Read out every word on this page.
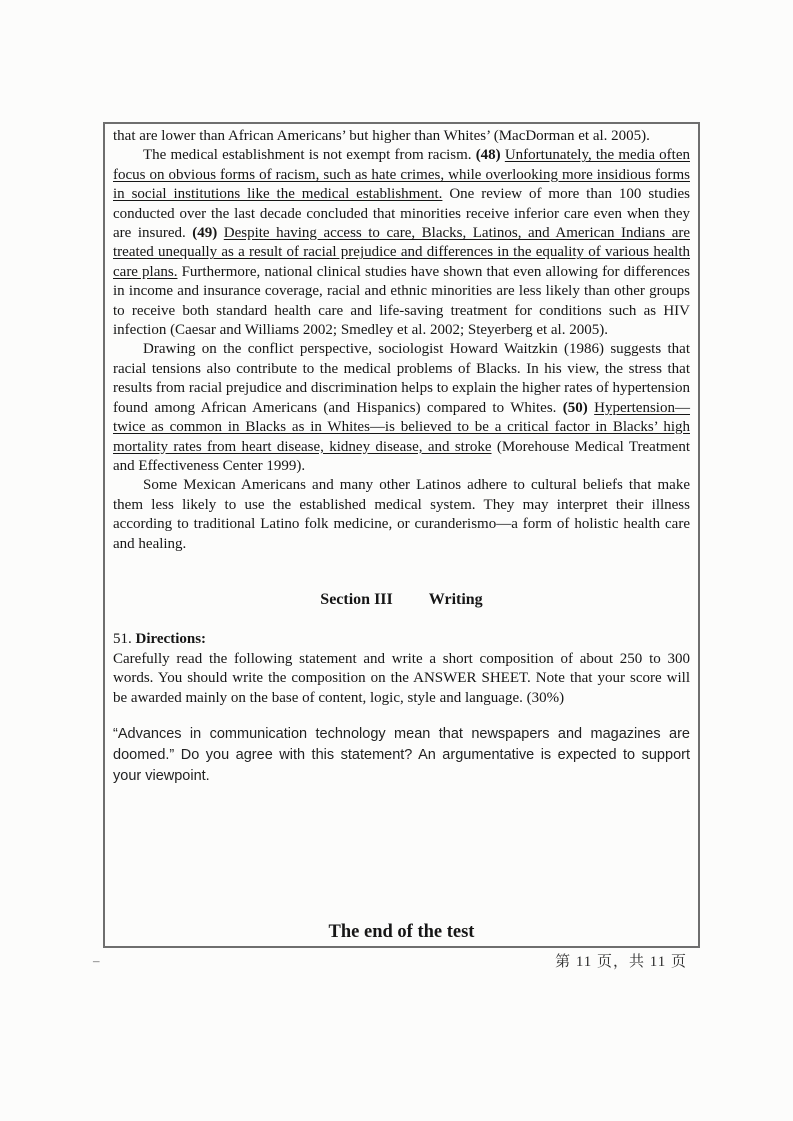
that are lower than African Americans’ but higher than Whites’ (MacDorman et al. 2005).

The medical establishment is not exempt from racism. (48) Unfortunately, the media often focus on obvious forms of racism, such as hate crimes, while overlooking more insidious forms in social institutions like the medical establishment. One review of more than 100 studies conducted over the last decade concluded that minorities receive inferior care even when they are insured. (49) Despite having access to care, Blacks, Latinos, and American Indians are treated unequally as a result of racial prejudice and differences in the equality of various health care plans. Furthermore, national clinical studies have shown that even allowing for differences in income and insurance coverage, racial and ethnic minorities are less likely than other groups to receive both standard health care and life-saving treatment for conditions such as HIV infection (Caesar and Williams 2002; Smedley et al. 2002; Steyerberg et al. 2005).

Drawing on the conflict perspective, sociologist Howard Waitzkin (1986) suggests that racial tensions also contribute to the medical problems of Blacks. In his view, the stress that results from racial prejudice and discrimination helps to explain the higher rates of hypertension found among African Americans (and Hispanics) compared to Whites. (50) Hypertension—twice as common in Blacks as in Whites—is believed to be a critical factor in Blacks’ high mortality rates from heart disease, kidney disease, and stroke (Morehouse Medical Treatment and Effectiveness Center 1999).

Some Mexican Americans and many other Latinos adhere to cultural beliefs that make them less likely to use the established medical system. They may interpret their illness according to traditional Latino folk medicine, or curanderismo—a form of holistic health care and healing.

Section III Writing
51. Directions:

Carefully read the following statement and write a short composition of about 250 to 300 words. You should write the composition on the ANSWER SHEET. Note that your score will be awarded mainly on the base of content, logic, style and language. (30%)

“Advances in communication technology mean that newspapers and magazines are doomed.” Do you agree with this statement? An argumentative is expected to support your viewpoint.

The end of the test
–	第 11 页，共 11 页
